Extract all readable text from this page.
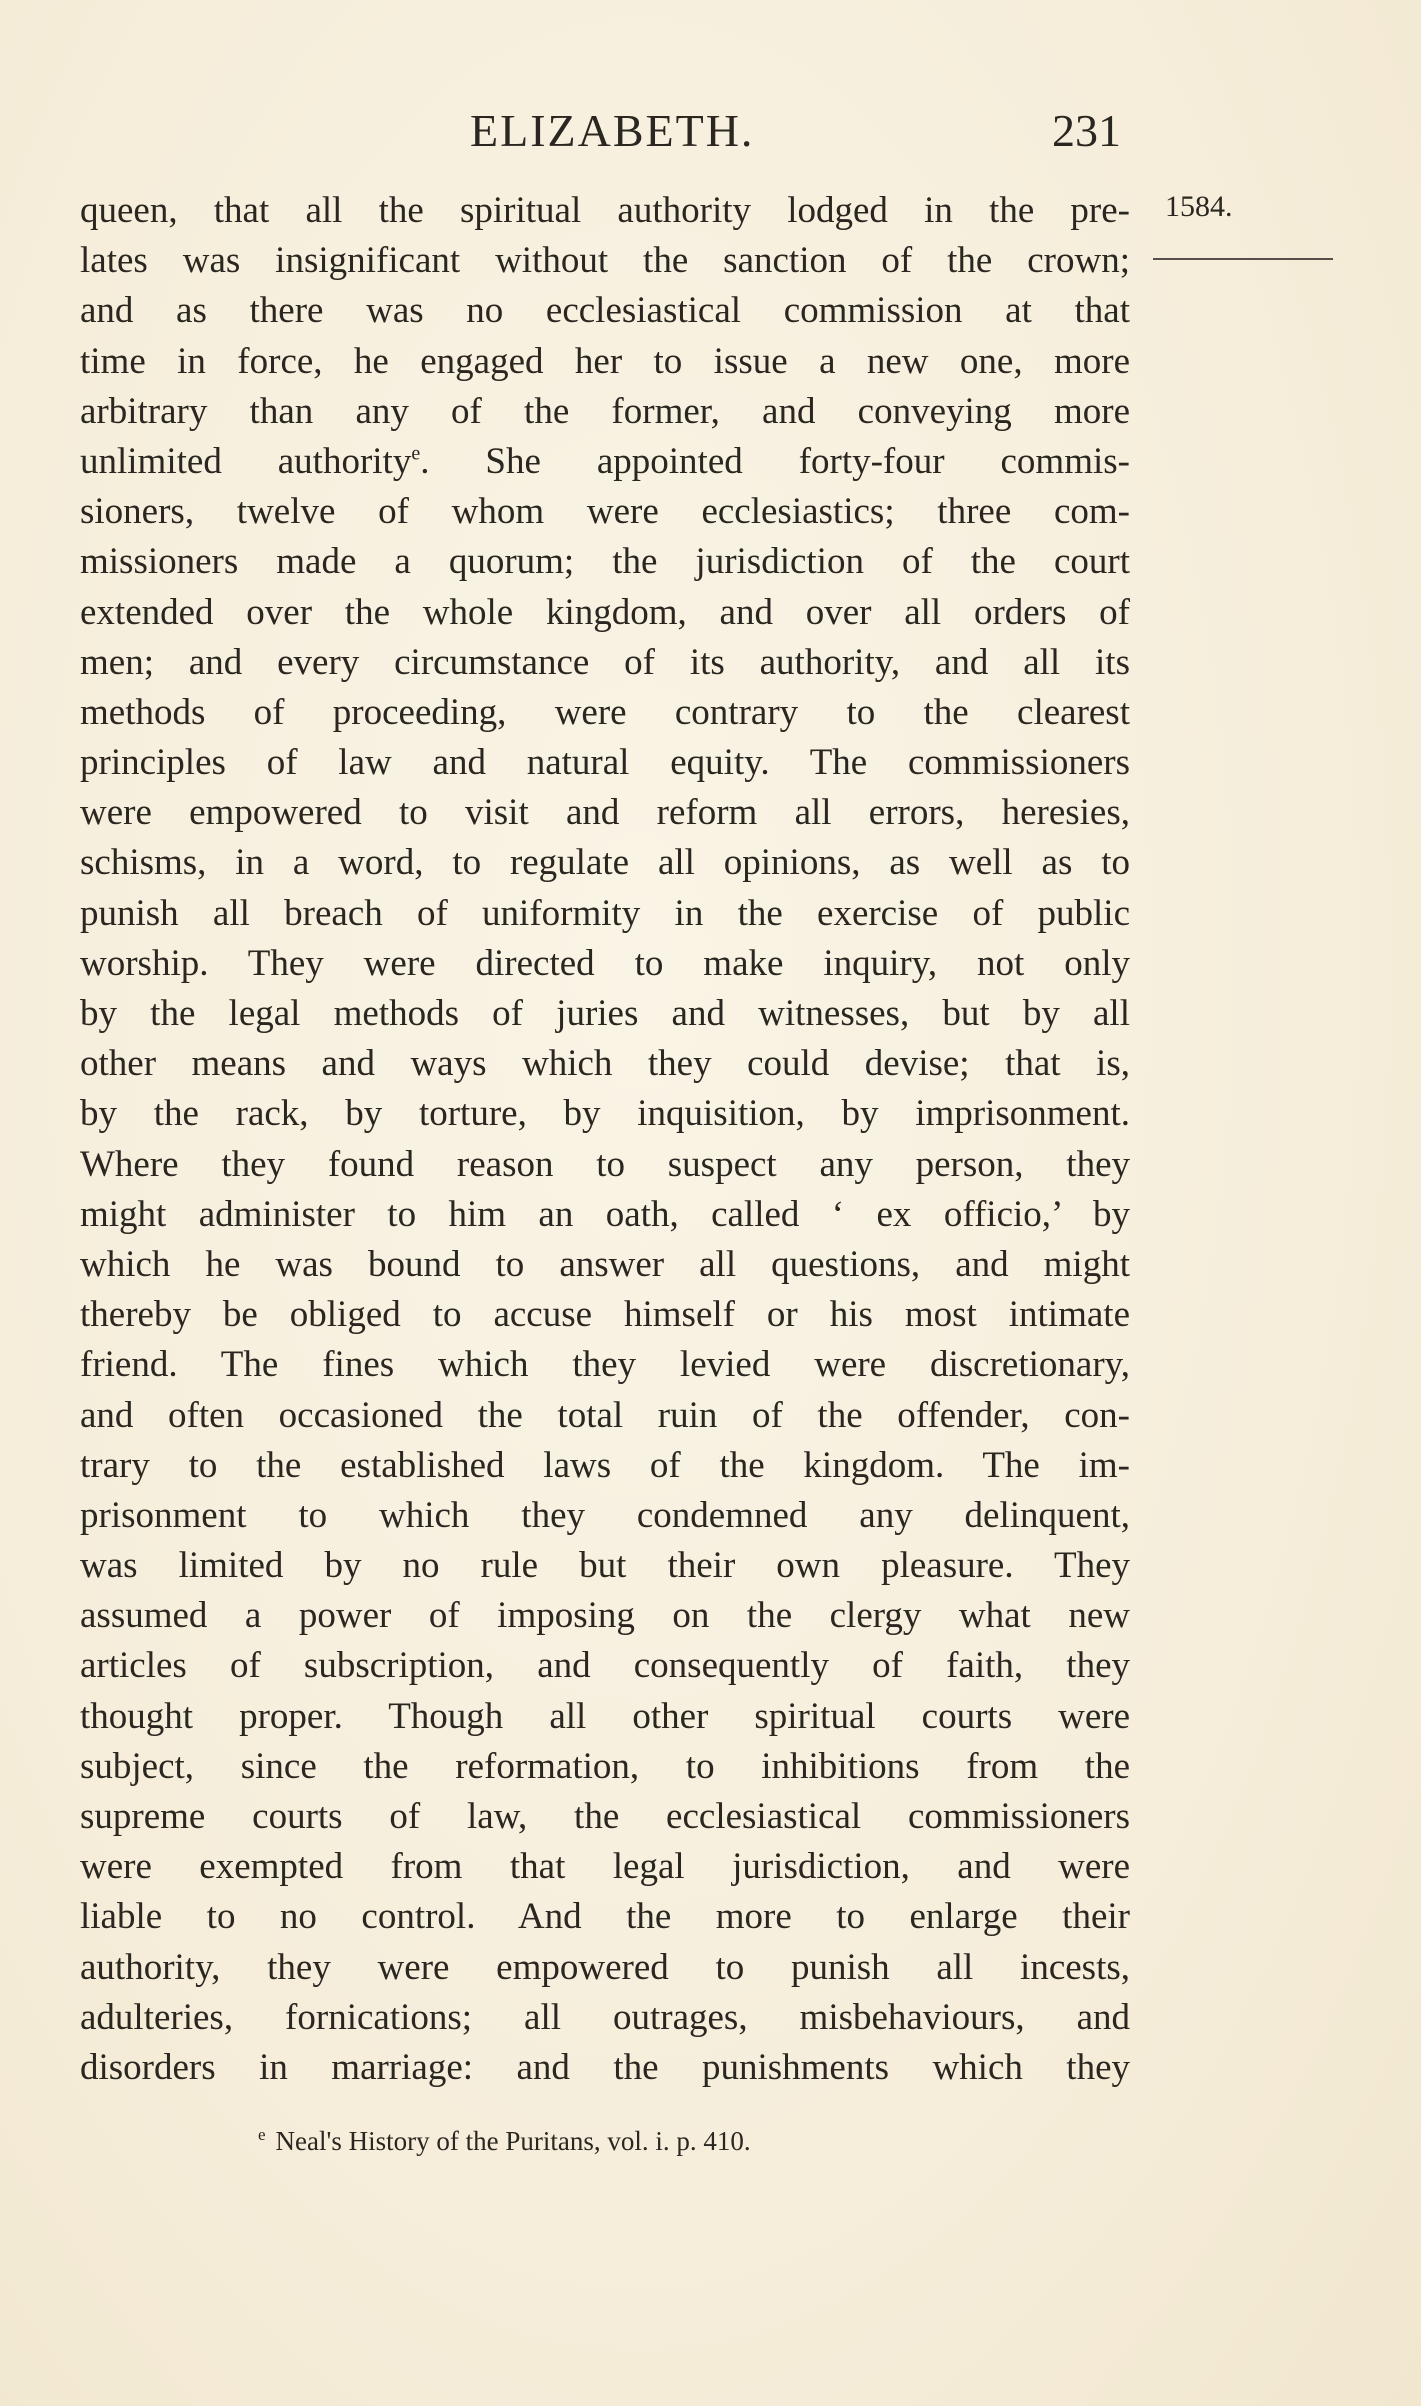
ELIZABETH.	231
1584.
queen, that all the spiritual authority lodged in the pre-
lates was insignificant without the sanction of the crown;
and as there was no ecclesiastical commission at that
time in force, he engaged her to issue a new one, more
arbitrary than any of the former, and conveying more
unlimited authority$^e$. She appointed forty-four commis-
sioners, twelve of whom were ecclesiastics; three com-
missioners made a quorum; the jurisdiction of the court
extended over the whole kingdom, and over all orders of
men; and every circumstance of its authority, and all its
methods of proceeding, were contrary to the clearest
principles of law and natural equity. The commissioners
were empowered to visit and reform all errors, heresies,
schisms, in a word, to regulate all opinions, as well as to
punish all breach of uniformity in the exercise of public
worship. They were directed to make inquiry, not only
by the legal methods of juries and witnesses, but by all
other means and ways which they could devise; that is,
by the rack, by torture, by inquisition, by imprisonment.
Where they found reason to suspect any person, they
might administer to him an oath, called ‘ ex officio,’ by
which he was bound to answer all questions, and might
thereby be obliged to accuse himself or his most intimate
friend. The fines which they levied were discretionary,
and often occasioned the total ruin of the offender, con-
trary to the established laws of the kingdom. The im-
prisonment to which they condemned any delinquent,
was limited by no rule but their own pleasure. They
assumed a power of imposing on the clergy what new
articles of subscription, and consequently of faith, they
thought proper. Though all other spiritual courts were
subject, since the reformation, to inhibitions from the
supreme courts of law, the ecclesiastical commissioners
were exempted from that legal jurisdiction, and were
liable to no control. And the more to enlarge their
authority, they were empowered to punish all incests,
adulteries, fornications; all outrages, misbehaviours, and
disorders in marriage: and the punishments which they
$^e$ Neal's History of the Puritans, vol. i. p. 410.
